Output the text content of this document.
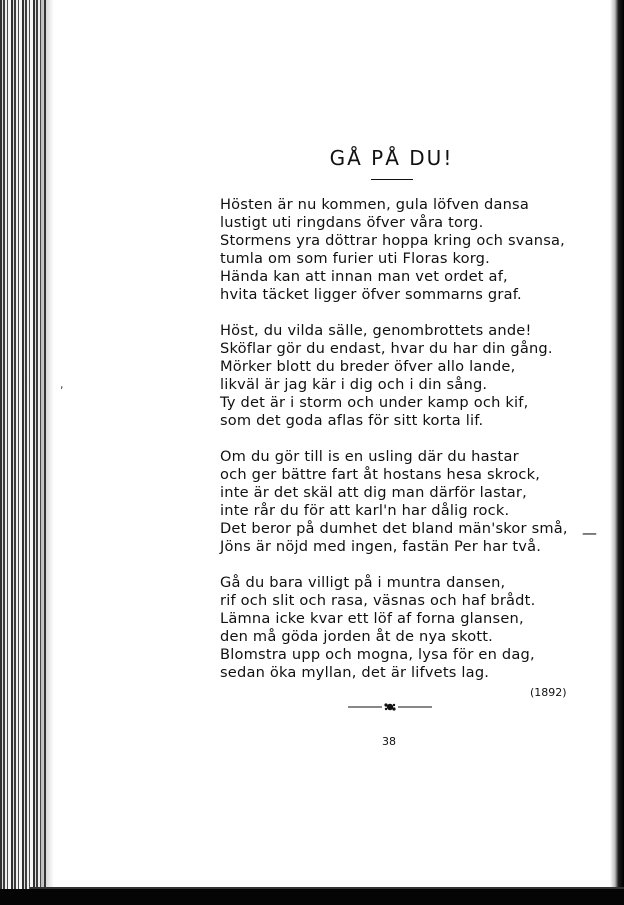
,
GÅ PÅ DU!
Hösten är nu kommen, gula löfven dansa
lustigt uti ringdans öfver våra torg.
Stormens yra döttrar hoppa kring och svansa,
tumla om som furier uti Floras korg.
Hända kan att innan man vet ordet af,
hvita täcket ligger öfver sommarns graf.
Höst, du vilda sälle, genombrottets ande!
Sköflar gör du endast, hvar du har din gång.
Mörker blott du breder öfver allo lande,
likväl är jag kär i dig och i din sång.
Ty det är i storm och under kamp och kif,
som det goda aflas för sitt korta lif.
Om du gör till is en usling där du hastar
och ger bättre fart åt hostans hesa skrock,
inte är det skäl att dig man därför lastar,
inte rår du för att karl'n har dålig rock.
Det beror på dumhet det bland män'skor små,
Jöns är nöjd med ingen, fastän Per har två.
—
Gå du bara villigt på i muntra dansen,
rif och slit och rasa, väsnas och haf brådt.
Lämna icke kvar ett löf af forna glansen,
den må göda jorden åt de nya skott.
Blomstra upp och mogna, lysa för en dag,
sedan öka myllan, det är lifvets lag.
(1892)
38
